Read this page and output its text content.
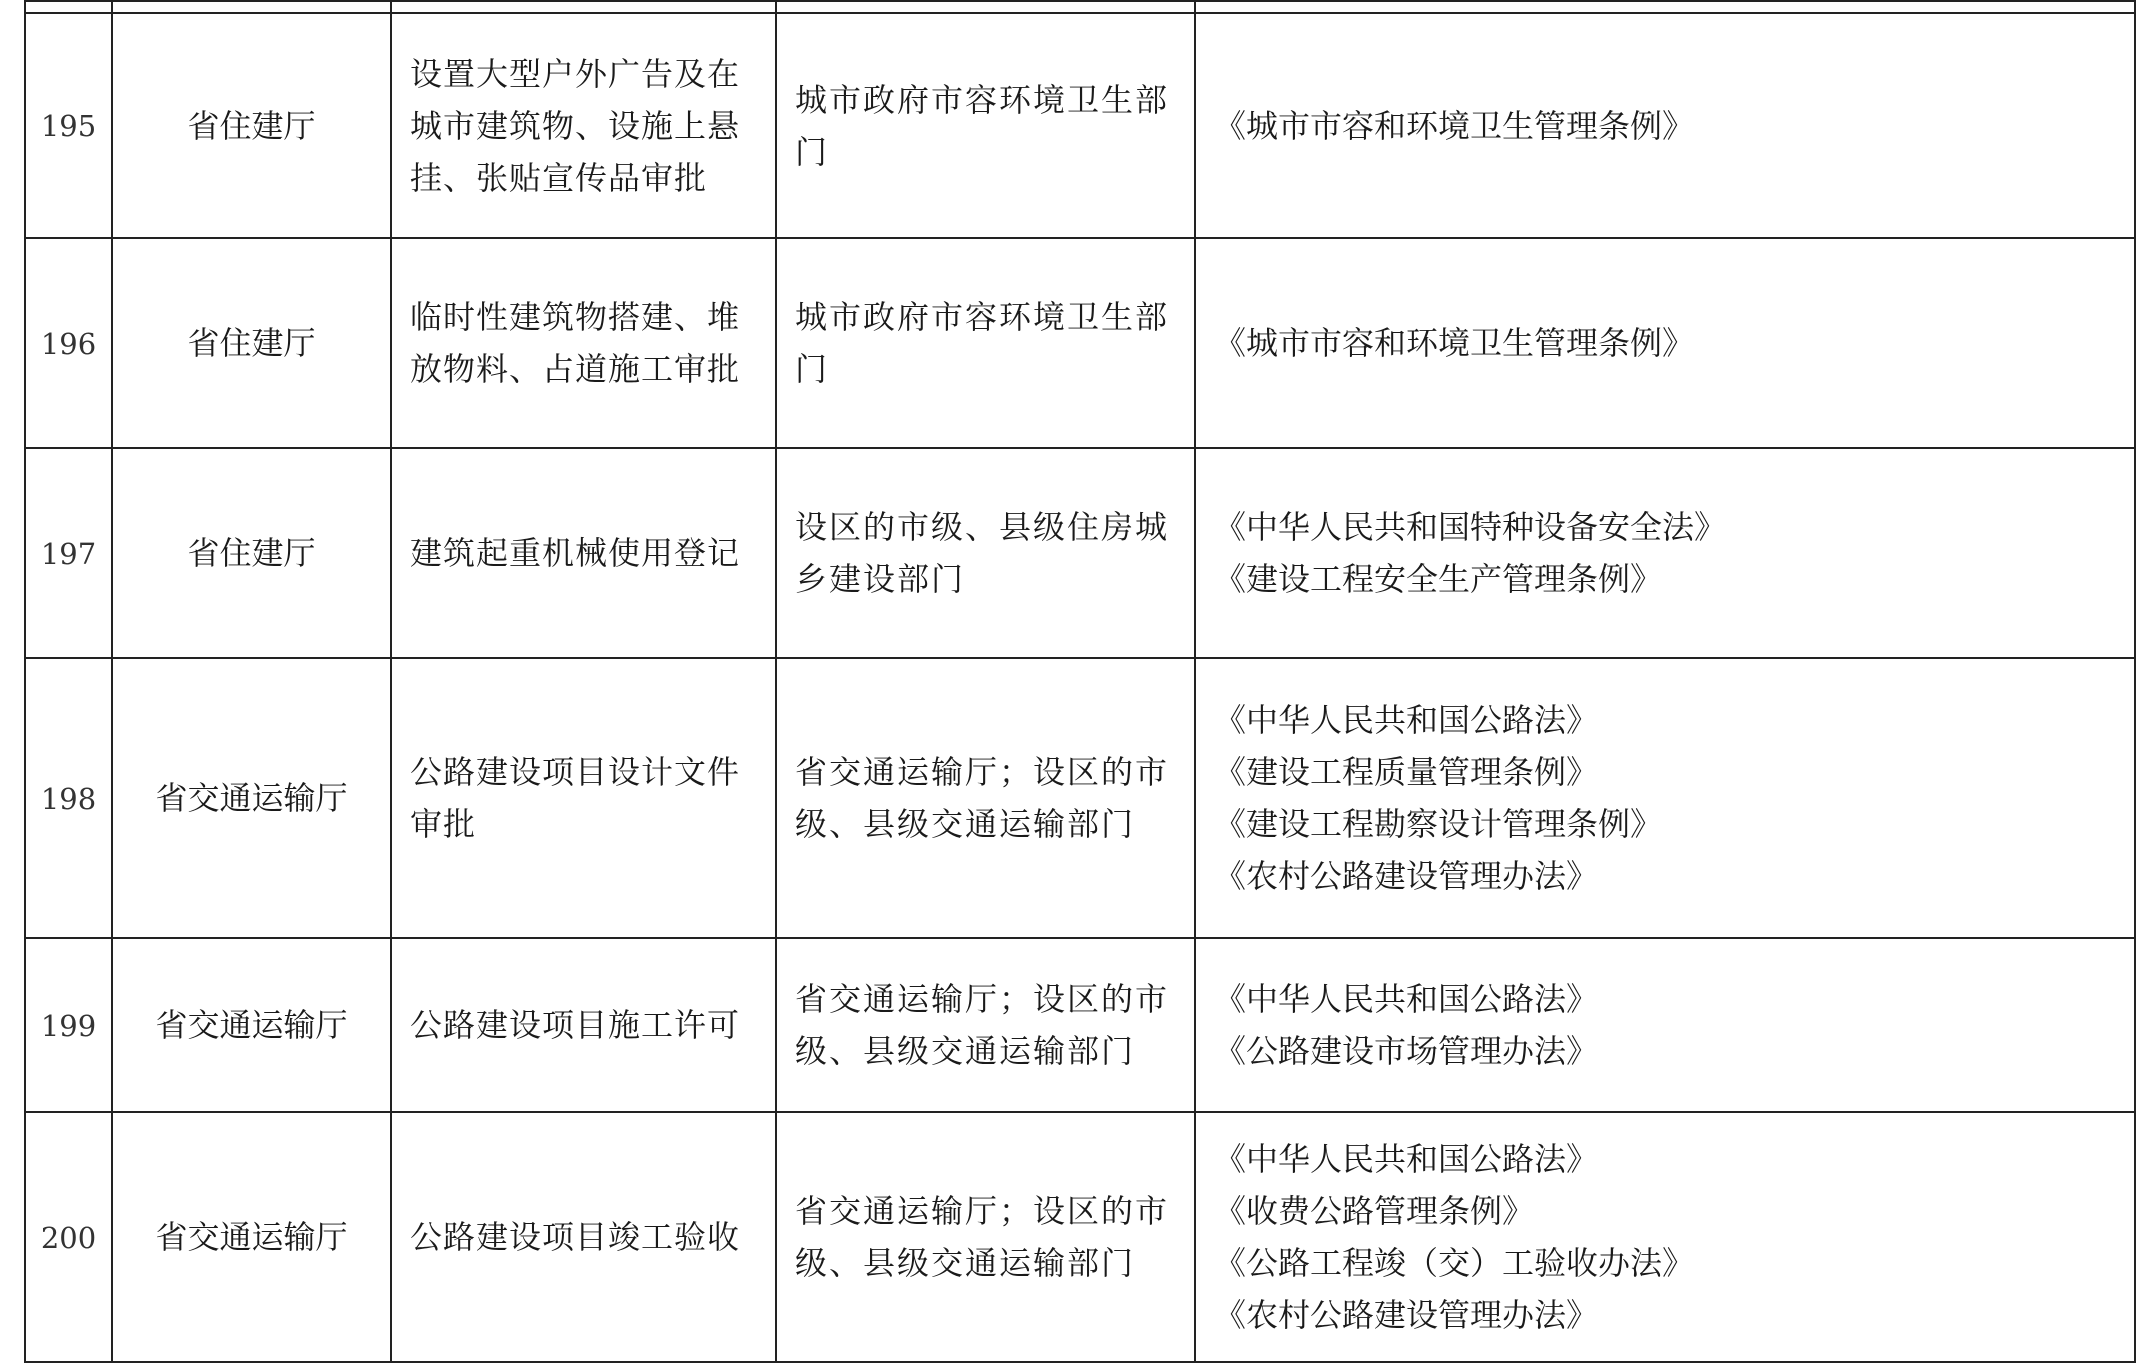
195	省住建厅	设置大型户外广告及在城市建筑物、设施上悬挂、张贴宣传品审批	城市政府市容环境卫生部门	《城市市容和环境卫生管理条例》

196	省住建厅	临时性建筑物搭建、堆放物料、占道施工审批	城市政府市容环境卫生部门	《城市市容和环境卫生管理条例》

197	省住建厅	建筑起重机械使用登记	设区的市级、县级住房城乡建设部门	《中华人民共和国特种设备安全法》
《建设工程安全生产管理条例》

198	省交通运输厅	公路建设项目设计文件审批	省交通运输厅；设区的市级、县级交通运输部门	《中华人民共和国公路法》
《建设工程质量管理条例》
《建设工程勘察设计管理条例》
《农村公路建设管理办法》

199	省交通运输厅	公路建设项目施工许可	省交通运输厅；设区的市级、县级交通运输部门	《中华人民共和国公路法》
《公路建设市场管理办法》

200	省交通运输厅	公路建设项目竣工验收	省交通运输厅；设区的市级、县级交通运输部门	《中华人民共和国公路法》
《收费公路管理条例》
《公路工程竣（交）工验收办法》
《农村公路建设管理办法》
